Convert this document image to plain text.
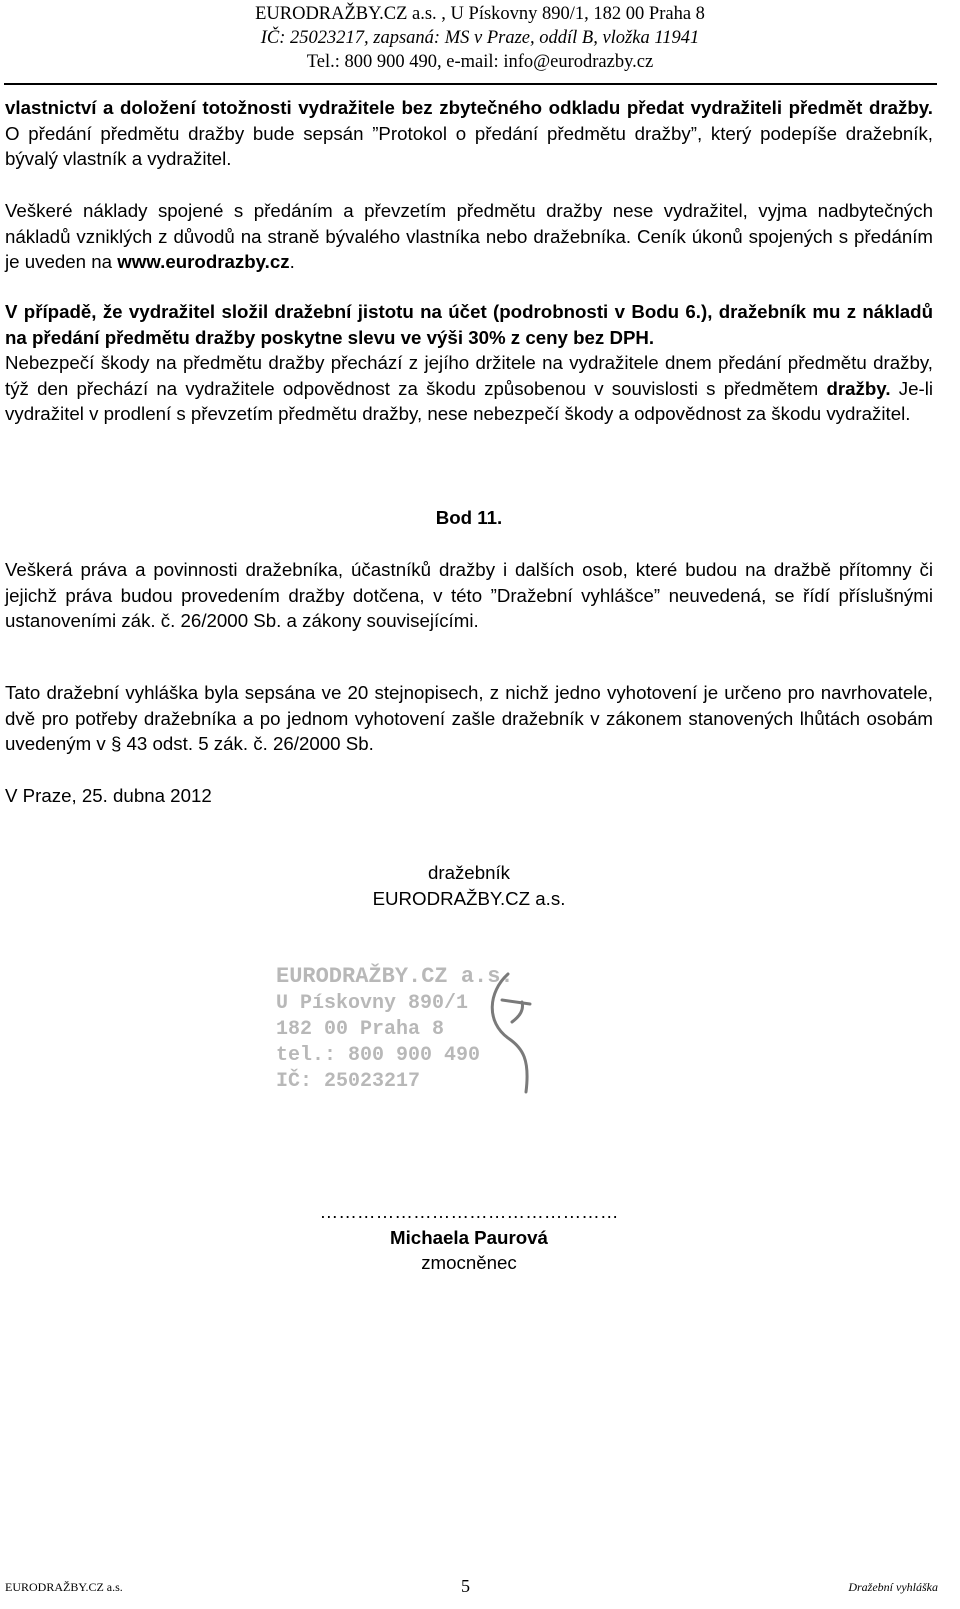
EURODRAŽBY.CZ a.s. , U Pískovny 890/1, 182 00 Praha 8
IČ: 25023217, zapsaná: MS v Praze, oddíl B, vložka 11941
Tel.: 800 900 490, e-mail: info@eurodrazby.cz

vlastnictví a doložení totožnosti vydražitele bez zbytečného odkladu předat vydražiteli předmět dražby. O předání předmětu dražby bude sepsán ”Protokol o předání předmětu dražby”, který podepíše dražebník, bývalý vlastník a vydražitel.

Veškeré náklady spojené s předáním a převzetím předmětu dražby nese vydražitel, vyjma nadbytečných nákladů vzniklých z důvodů na straně bývalého vlastníka nebo dražebníka. Ceník úkonů spojených s předáním je uveden na www.eurodrazby.cz.

V případě, že vydražitel složil dražební jistotu na účet (podrobnosti v Bodu 6.), dražebník mu z nákladů na předání předmětu dražby poskytne slevu ve výši 30% z ceny bez DPH.

Nebezpečí škody na předmětu dražby přechází z jejího držitele na vydražitele dnem předání předmětu dražby, týž den přechází na vydražitele odpovědnost za škodu způsobenou v souvislosti s předmětem dražby. Je-li vydražitel v prodlení s převzetím předmětu dražby, nese nebezpečí škody a odpovědnost za škodu vydražitel.

Bod 11.

Veškerá práva a povinnosti dražebníka, účastníků dražby i dalších osob, které budou na dražbě přítomny či jejichž práva budou provedením dražby dotčena, v této ”Dražební vyhlášce” neuvedená, se řídí příslušnými ustanoveními zák. č. 26/2000 Sb. a zákony souvisejícími.

Tato dražební vyhláška byla sepsána ve 20 stejnopisech, z nichž jedno vyhotovení je určeno pro navrhovatele, dvě pro potřeby dražebníka a po jednom vyhotovení zašle dražebník v zákonem stanovených lhůtách osobám uvedeným v § 43 odst. 5 zák. č. 26/2000 Sb.

V Praze, 25. dubna 2012

dražebník

EURODRAŽBY.CZ a.s.

EURODRAŽBY.CZ a.s.
U Pískovny 890/1
182 00 Praha 8
tel.: 800 900 490
IČ: 25023217

…………………………………………

Michaela Paurová

zmocněnec

EURODRAŽBY.CZ a.s.	5	Dražební vyhláška
